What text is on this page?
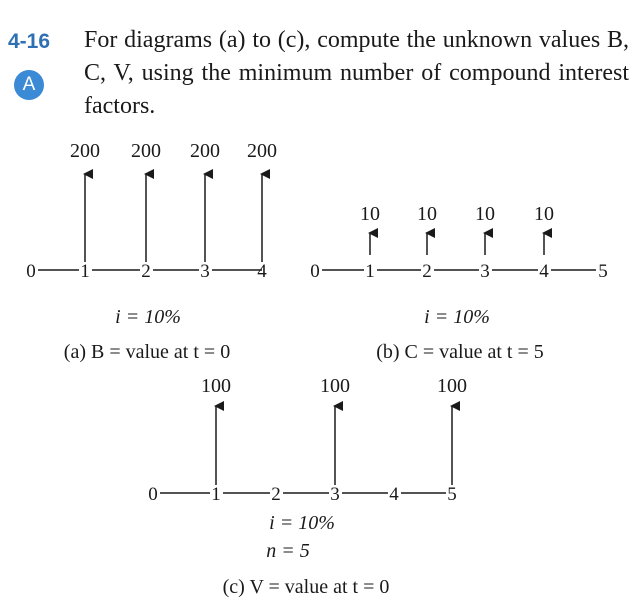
4-16
A
For diagrams (a) to (c), compute the unknown values B, C, V, using the minimum number of compound interest factors.
200 200 200 200
0 1	2	3	4
i = 10%
(a) B = value at t = 0
10 10 10 10
0 1	2	3	4	5
i = 10%
(b) C = value at t = 5
100	100	100
0	1	2	3	4	5
i = 10%
n = 5
(c) V = value at t = 0
